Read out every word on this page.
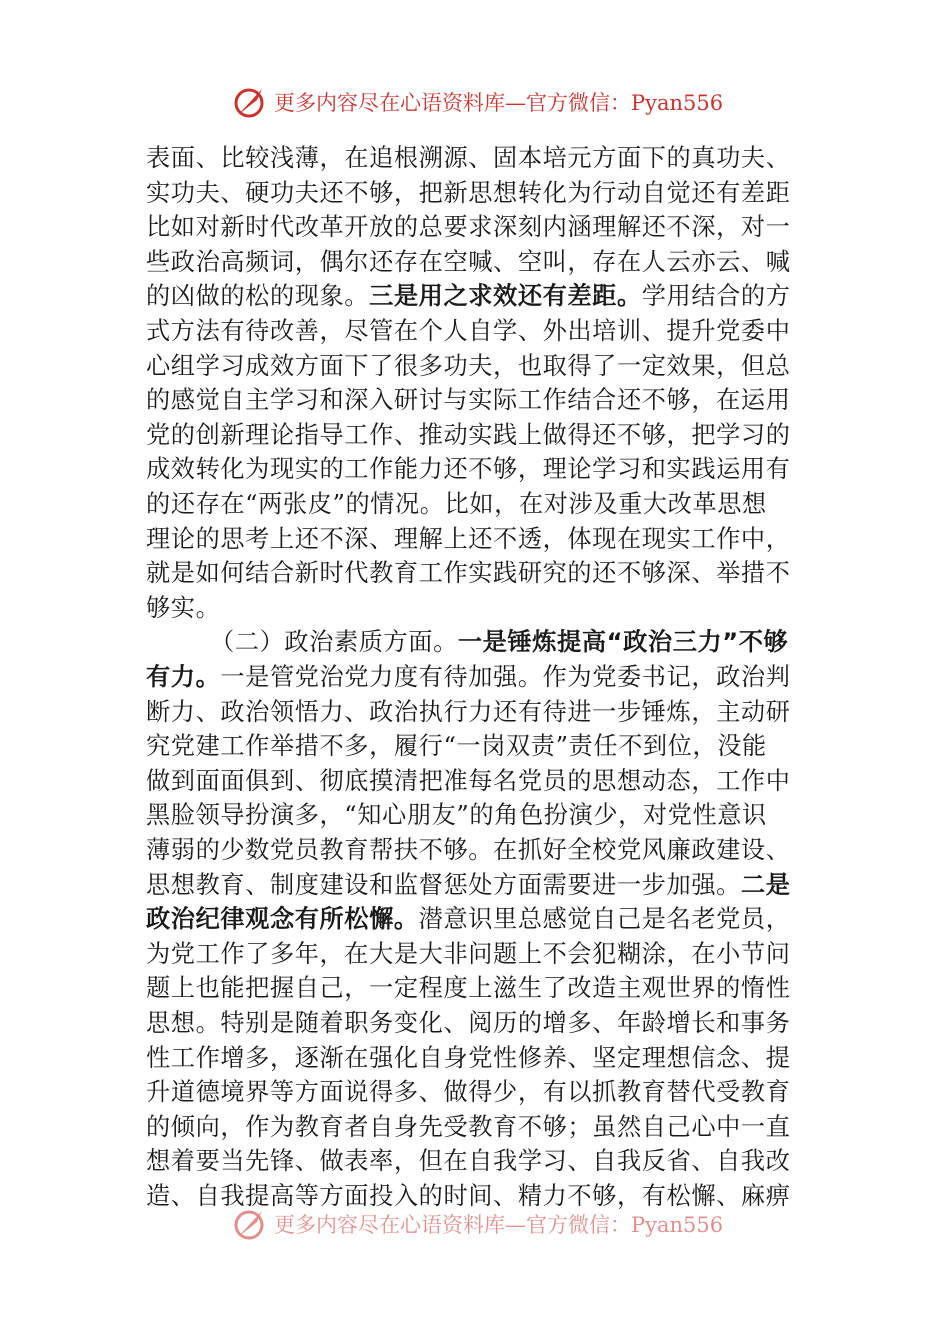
更多内容尽在心语资料库—官方微信：Pyan556
表面、比较浅薄，在追根溯源、固本培元方面下的真功夫、
实功夫、硬功夫还不够，把新思想转化为行动自觉还有差距
比如对新时代改革开放的总要求深刻内涵理解还不深，对一
些政治高频词，偶尔还存在空喊、空叫，存在人云亦云、喊
的凶做的松的现象。三是用之求效还有差距。学用结合的方
式方法有待改善，尽管在个人自学、外出培训、提升党委中
心组学习成效方面下了很多功夫，也取得了一定效果，但总
的感觉自主学习和深入研讨与实际工作结合还不够，在运用
党的创新理论指导工作、推动实践上做得还不够，把学习的
成效转化为现实的工作能力还不够，理论学习和实践运用有
的还存在“两张皮”的情况。比如，在对涉及重大改革思想
理论的思考上还不深、理解上还不透，体现在现实工作中，
就是如何结合新时代教育工作实践研究的还不够深、举措不
够实。
（二）政治素质方面。一是锤炼提高“政治三力”不够
有力。一是管党治党力度有待加强。作为党委书记，政治判
断力、政治领悟力、政治执行力还有待进一步锤炼，主动研
究党建工作举措不多，履行“一岗双责”责任不到位，没能
做到面面俱到、彻底摸清把准每名党员的思想动态，工作中
黑脸领导扮演多，“知心朋友”的角色扮演少，对党性意识
薄弱的少数党员教育帮扶不够。在抓好全校党风廉政建设、
思想教育、制度建设和监督惩处方面需要进一步加强。二是
政治纪律观念有所松懈。潜意识里总感觉自己是名老党员，
为党工作了多年，在大是大非问题上不会犯糊涂，在小节问
题上也能把握自己，一定程度上滋生了改造主观世界的惰性
思想。特别是随着职务变化、阅历的增多、年龄增长和事务
性工作增多，逐渐在强化自身党性修养、坚定理想信念、提
升道德境界等方面说得多、做得少，有以抓教育替代受教育
的倾向，作为教育者自身先受教育不够；虽然自己心中一直
想着要当先锋、做表率，但在自我学习、自我反省、自我改
造、自我提高等方面投入的时间、精力不够，有松懈、麻痹
更多内容尽在心语资料库—官方微信：Pyan556
